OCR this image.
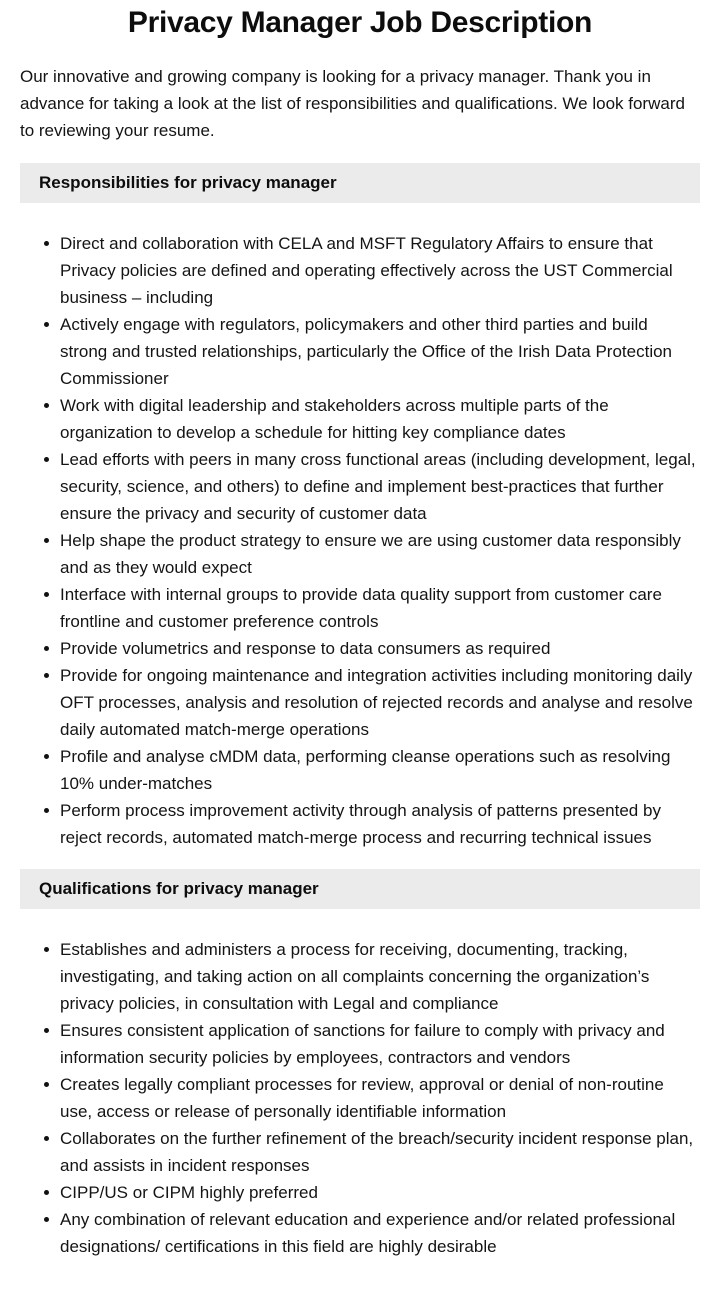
Privacy Manager Job Description

Our innovative and growing company is looking for a privacy manager. Thank you in advance for taking a look at the list of responsibilities and qualifications. We look forward to reviewing your resume.

Responsibilities for privacy manager
Direct and collaboration with CELA and MSFT Regulatory Affairs to ensure that Privacy policies are defined and operating effectively across the UST Commercial business – including
Actively engage with regulators, policymakers and other third parties and build strong and trusted relationships, particularly the Office of the Irish Data Protection Commissioner
Work with digital leadership and stakeholders across multiple parts of the organization to develop a schedule for hitting key compliance dates
Lead efforts with peers in many cross functional areas (including development, legal, security, science, and others) to define and implement best-practices that further ensure the privacy and security of customer data
Help shape the product strategy to ensure we are using customer data responsibly and as they would expect
Interface with internal groups to provide data quality support from customer care frontline and customer preference controls
Provide volumetrics and response to data consumers as required
Provide for ongoing maintenance and integration activities including monitoring daily OFT processes, analysis and resolution of rejected records and analyse and resolve daily automated match-merge operations
Profile and analyse cMDM data, performing cleanse operations such as resolving 10% under-matches
Perform process improvement activity through analysis of patterns presented by reject records, automated match-merge process and recurring technical issues
Qualifications for privacy manager
Establishes and administers a process for receiving, documenting, tracking, investigating, and taking action on all complaints concerning the organization’s privacy policies, in consultation with Legal and compliance
Ensures consistent application of sanctions for failure to comply with privacy and information security policies by employees, contractors and vendors
Creates legally compliant processes for review, approval or denial of non-routine use, access or release of personally identifiable information
Collaborates on the further refinement of the breach/security incident response plan, and assists in incident responses
CIPP/US or CIPM highly preferred
Any combination of relevant education and experience and/or related professional designations/ certifications in this field are highly desirable
